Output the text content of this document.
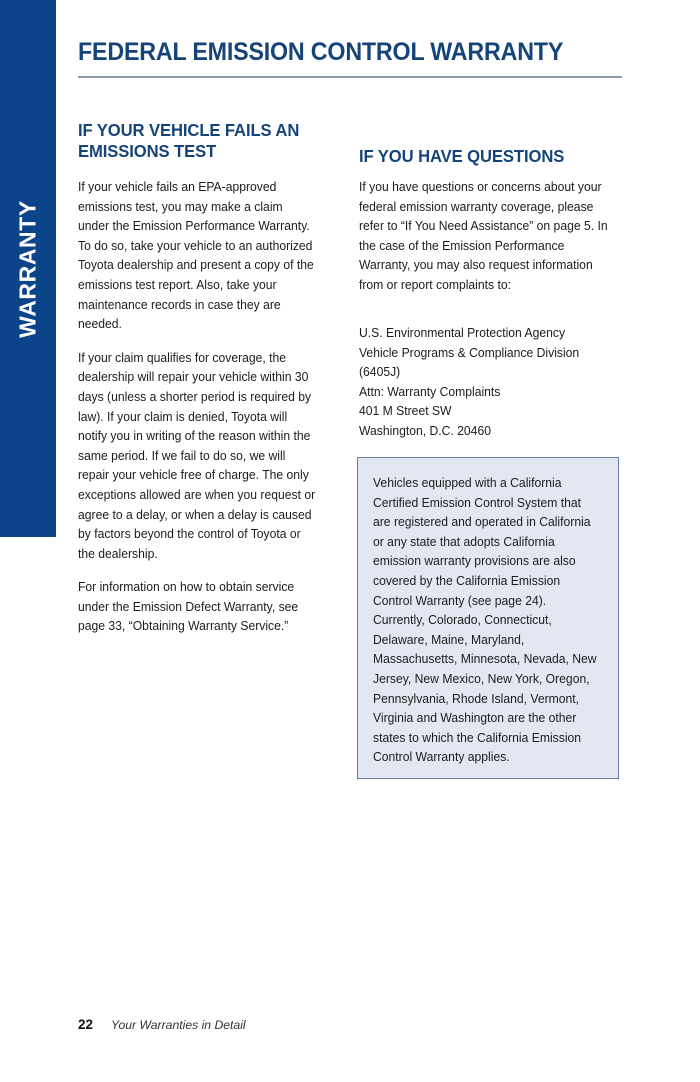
WARRANTY
FEDERAL EMISSION CONTROL WARRANTY
IF YOUR VEHICLE FAILS AN EMISSIONS TEST

If your vehicle fails an EPA-approved emissions test, you may make a claim under the Emission Performance Warranty. To do so, take your vehicle to an authorized Toyota dealership and present a copy of the emissions test report. Also, take your maintenance records in case they are needed.

If your claim qualifies for coverage, the dealership will repair your vehicle within 30 days (unless a shorter period is required by law). If your claim is denied, Toyota will notify you in writing of the reason within the same period. If we fail to do so, we will repair your vehicle free of charge. The only exceptions allowed are when you request or agree to a delay, or when a delay is caused by factors beyond the control of Toyota or the dealership.

For information on how to obtain service under the Emission Defect Warranty, see page 33, “Obtaining Warranty Service.”

IF YOU HAVE QUESTIONS

If you have questions or concerns about your federal emission warranty coverage, please refer to “If You Need Assistance” on page 5. In the case of the Emission Performance Warranty, you may also request information from or report complaints to:

U.S. Environmental Protection Agency
Vehicle Programs & Compliance Division
(6405J)
Attn: Warranty Complaints
401 M Street SW
Washington, D.C. 20460

Vehicles equipped with a California Certified Emission Control System that are registered and operated in California or any state that adopts California emission warranty provisions are also covered by the California Emission Control Warranty (see page 24). Currently, Colorado, Connecticut, Delaware, Maine, Maryland, Massachusetts, Minnesota, Nevada, New Jersey, New Mexico, New York, Oregon, Pennsylvania, Rhode Island, Vermont, Virginia and Washington are the other states to which the California Emission Control Warranty applies.

22 Your Warranties in Detail
